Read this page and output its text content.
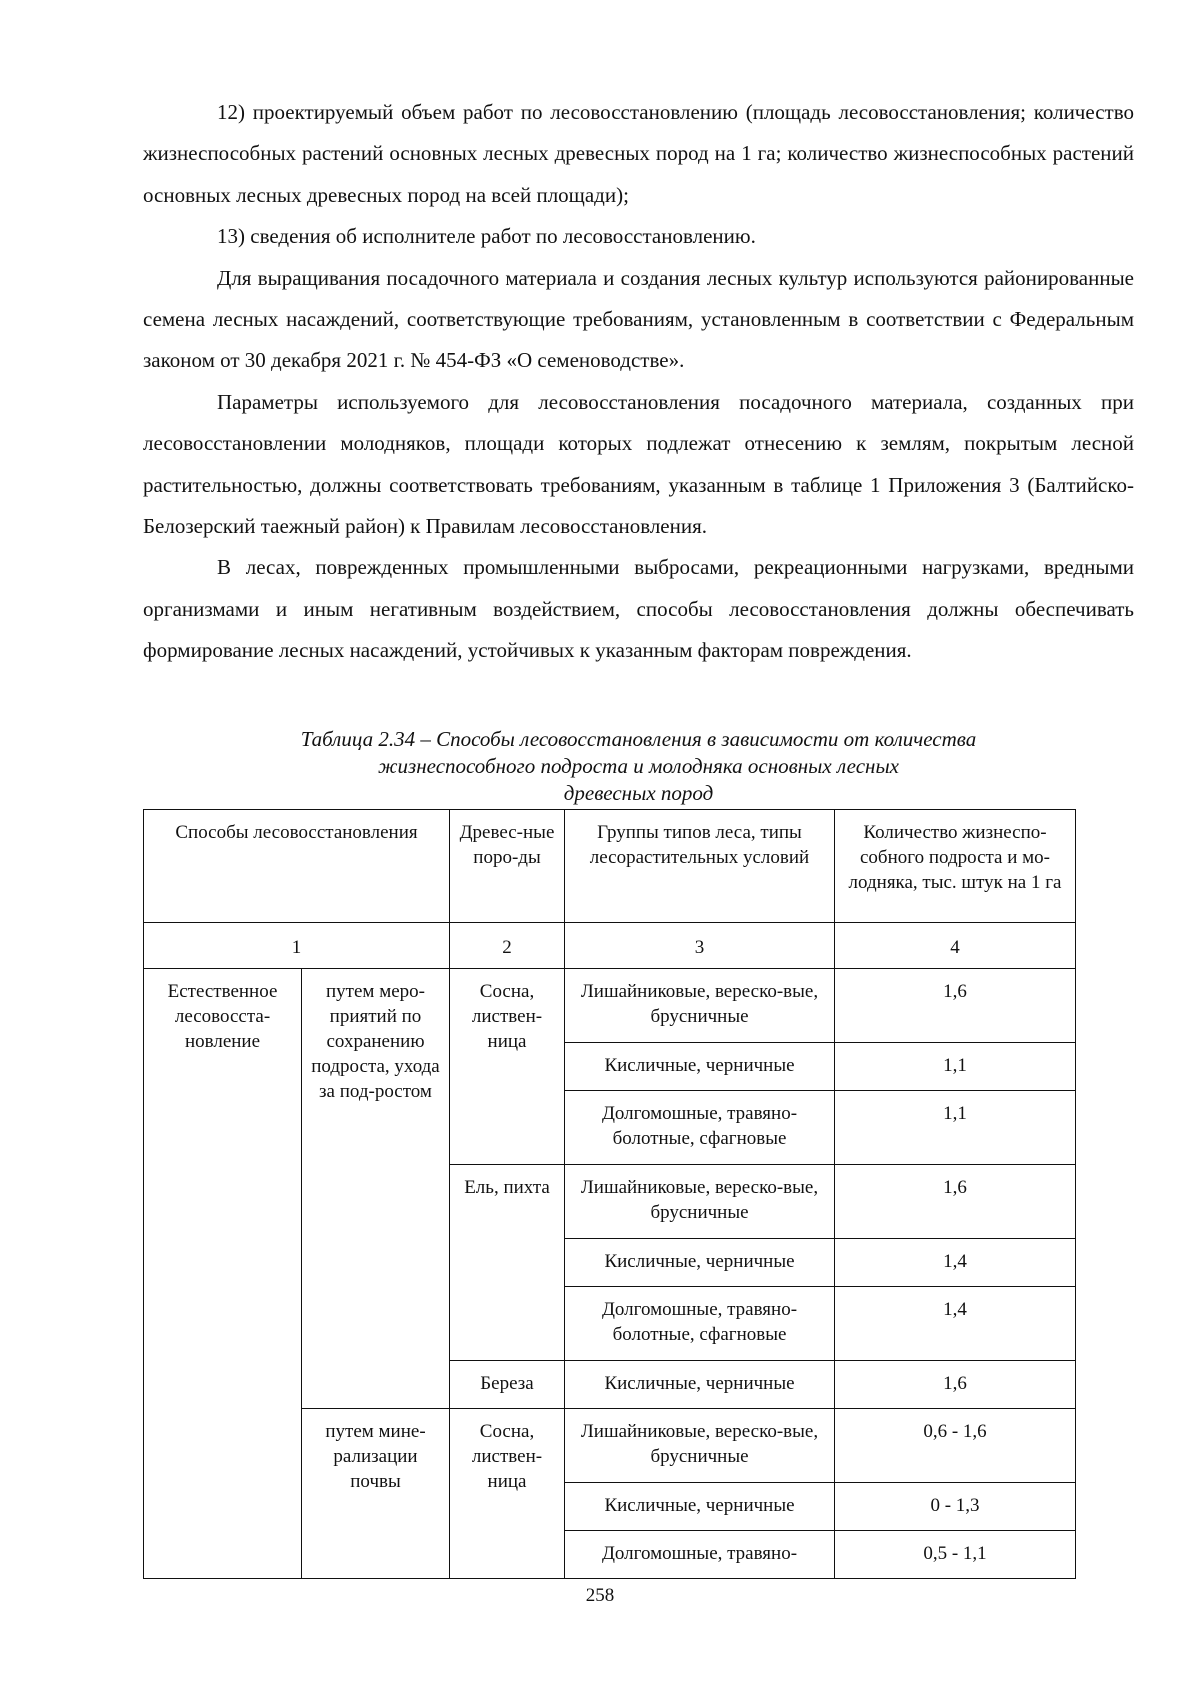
12) проектируемый объем работ по лесовосстановлению (площадь лесовосстановления; количество жизнеспособных растений основных лесных древесных пород на 1 га; количество жизнеспособных растений основных лесных древесных пород на всей площади);

13) сведения об исполнителе работ по лесовосстановлению.

Для выращивания посадочного материала и создания лесных культур используются районированные семена лесных насаждений, соответствующие требованиям, установленным в соответствии с Федеральным законом от 30 декабря 2021 г. № 454-ФЗ «О семеноводстве».

Параметры используемого для лесовосстановления посадочного материала, созданных при лесовосстановлении молодняков, площади которых подлежат отнесению к землям, покрытым лесной растительностью, должны соответствовать требованиям, указанным в таблице 1 Приложения 3 (Балтийско-Белозерский таежный район) к Правилам лесовосстановления.

В лесах, поврежденных промышленными выбросами, рекреационными нагрузками, вредными организмами и иным негативным воздействием, способы лесовосстановления должны обеспечивать формирование лесных насаждений, устойчивых к указанным факторам повреждения.

Таблица 2.34 – Способы лесовосстановления в зависимости от количества
жизнеспособного подроста и молодняка основных лесных
древесных пород
Способы лесовосстановления		Древес-ные поро-ды	Группы типов леса, типы лесорастительных условий	Количество жизнеспо-собного подроста и мо-лодняка, тыс. штук на 1 га
1		2	3	4
Естественное лесовосста-новление	путем меро-приятий по сохранению подроста, ухода за под-ростом	Сосна, листвен-ница	Лишайниковые, вереско-вые, брусничные	1,6
			Кисличные, черничные	1,1
			Долгомошные, травяно-болотные, сфагновые	1,1
		Ель, пихта	Лишайниковые, вереско-вые, брусничные	1,6
			Кисличные, черничные	1,4
			Долгомошные, травяно-болотные, сфагновые	1,4
		Береза	Кисличные, черничные	1,6
	путем мине-рализации почвы	Сосна, листвен-ница	Лишайниковые, вереско-вые, брусничные	0,6 - 1,6
			Кисличные, черничные	0 - 1,3
			Долгомошные, травяно-	0,5 - 1,1
258
